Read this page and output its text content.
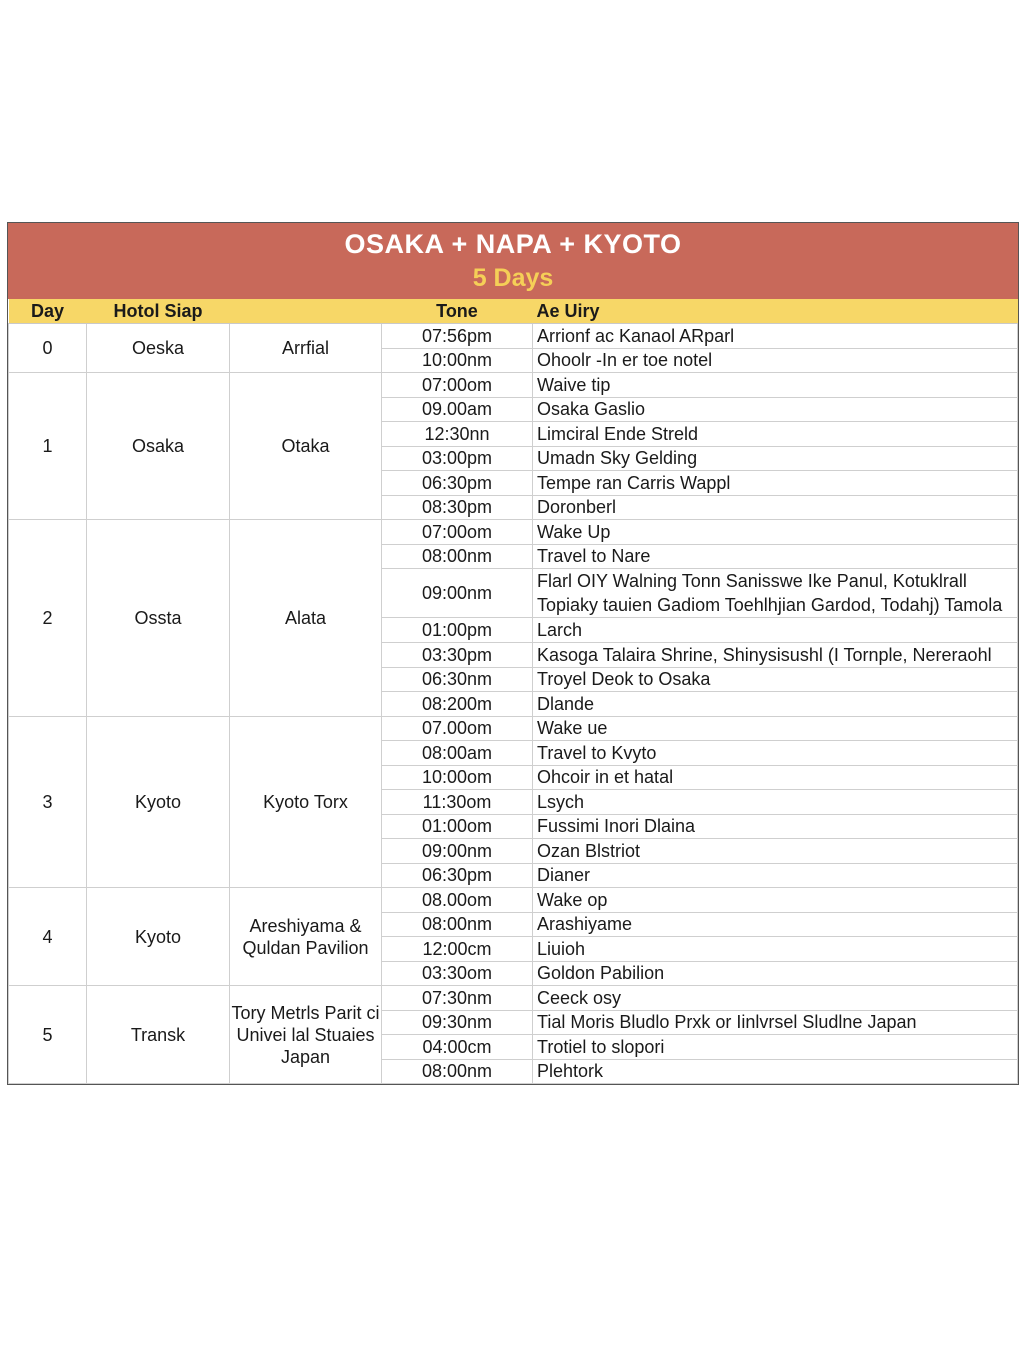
OSAKA + NAPA + KYOTO
5 Days
Day	Hotol Siap		Tone	Ae Uiry
0	Oeska	Arrfial	07:56pm	Arrionf ac Kanaol ARparl
			10:00nm	Ohoolr -In er toe notel
1	Osaka	Otaka	07:00om	Waive tip
			09.00am	Osaka Gaslio
			12:30nn	Limciral Ende Streld
			03:00pm	Umadn Sky Gelding
			06:30pm	Tempe ran Carris Wappl
			08:30pm	Doronberl
2	Ossta	Alata	07:00om	Wake Up
			08:00nm	Travel to Nare
			09:00nm	Flarl OIY Walning Tonn Sanisswe Ike Panul, Kotuklrall Topiaky tauien Gadiom Toehlhjian Gardod, Todahj) Tamola
			01:00pm	Larch
			03:30pm	Kasoga Talaira Shrine, Shinysisushl (I Tornple, Nereraohl
			06:30nm	Troyel Deok to Osaka
			08:200m	Dlande
3	Kyoto	Kyoto Torx	07.00om	Wake ue
			08:00am	Travel to Kvyto
			10:00om	Ohcoir in et hatal
			11:30om	Lsych
			01:00om	Fussimi Inori Dlaina
			09:00nm	Ozan Blstriot
			06:30pm	Dianer
4	Kyoto	Areshiyama & Quldan Pavilion	08.00om	Wake op
			08:00nm	Arashiyame
			12:00cm	Liuioh
			03:30om	Goldon Pabilion
5	Transk	Tory Metrls Parit ci Univei lal Stuaies Japan	07:30nm	Ceeck osy
			09:30nm	Tial Moris Bludlo Prxk or Iinlvrsel Sludlne Japan
			04:00cm	Trotiel to slopori
			08:00nm	Plehtork
